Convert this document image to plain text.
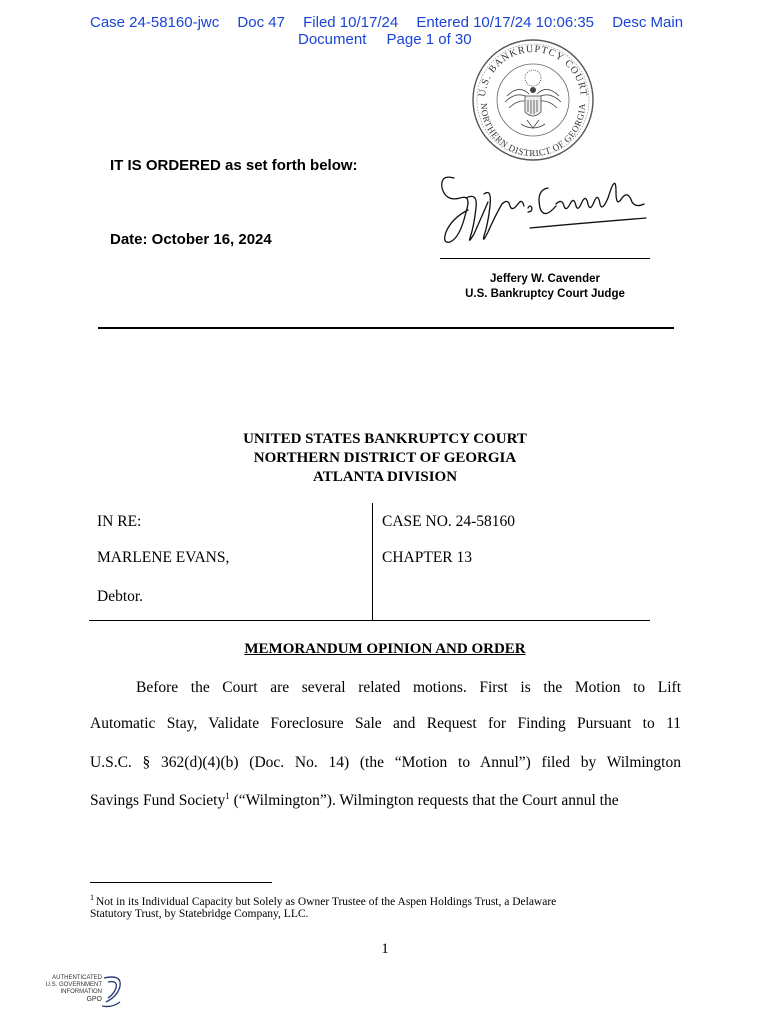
Case 24-58160-jwc Doc 47 Filed 10/17/24 Entered 10/17/24 10:06:35 Desc Main
Document Page 1 of 30
U.S. BANKRUPTCY COURT
NORTHERN DISTRICT OF GEORGIA
IT IS ORDERED as set forth below:
Date: October 16, 2024
Jeffery W. Cavender
U.S. Bankruptcy Court Judge
UNITED STATES BANKRUPTCY COURT
NORTHERN DISTRICT OF GEORGIA
ATLANTA DIVISION
IN RE:
MARLENE EVANS,
Debtor.
CASE NO. 24-58160
CHAPTER 13
MEMORANDUM OPINION AND ORDER
Before the Court are several related motions. First is the Motion to Lift
Automatic Stay, Validate Foreclosure Sale and Request for Finding Pursuant to 11
U.S.C. § 362(d)(4)(b) (Doc. No. 14) (the “Motion to Annul”) filed by Wilmington
Savings Fund Society$^1$ (“Wilmington”). Wilmington requests that the Court annul the
$^1$ Not in its Individual Capacity but Solely as Owner Trustee of the Aspen Holdings Trust, a Delaware
Statutory Trust, by Statebridge Company, LLC.
1
AUTHENTICATED
U.S. GOVERNMENT
INFORMATION
GPO
